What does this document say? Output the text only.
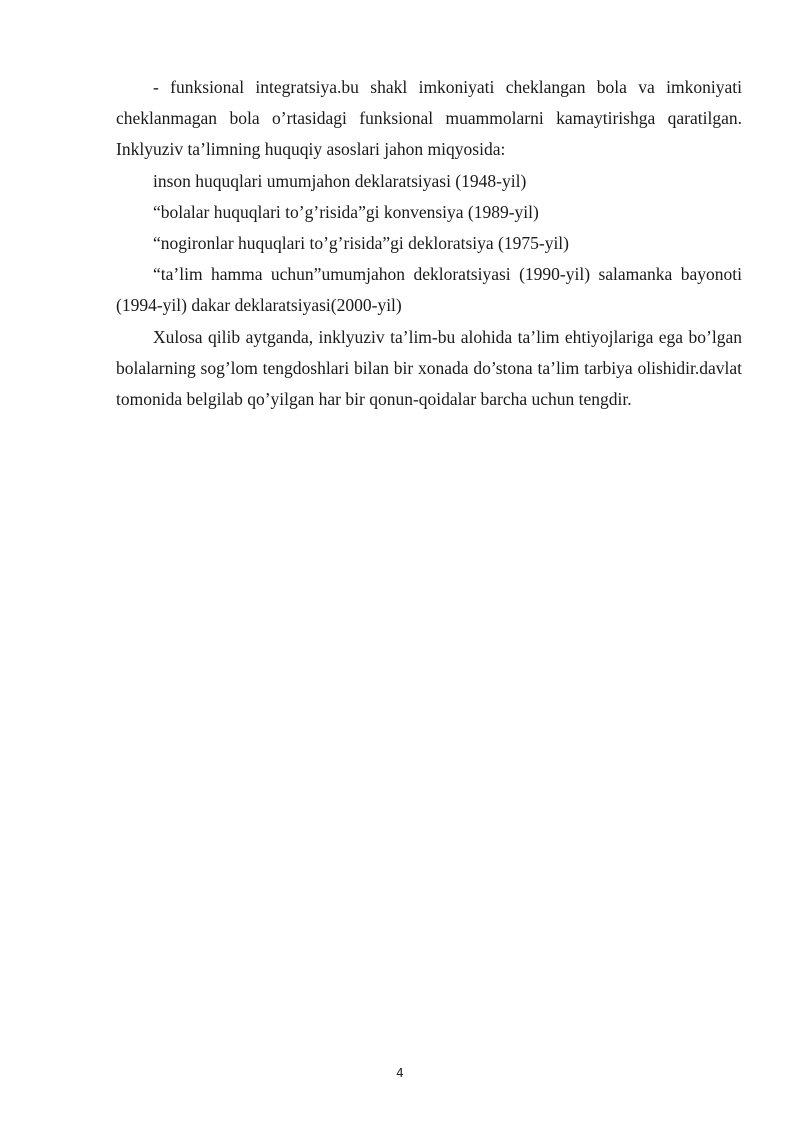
- funksional integratsiya.bu shakl imkoniyati cheklangan bola va imkoniyati cheklanmagan bola o’rtasidagi funksional muammolarni kamaytirishga qaratilgan. Inklyuziv ta’limning huquqiy asoslari jahon miqyosida:

inson huquqlari umumjahon deklaratsiyasi (1948-yil)

“bolalar huquqlari to’g’risida”gi konvensiya (1989-yil)

“nogironlar huquqlari to’g’risida”gi dekloratsiya (1975-yil)

“ta’lim hamma uchun”umumjahon dekloratsiyasi (1990-yil) salamanka bayonoti (1994-yil) dakar deklaratsiyasi(2000-yil)

Xulosa qilib aytganda, inklyuziv ta’lim-bu alohida ta’lim ehtiyojlariga ega bo’lgan bolalarning sog’lom tengdoshlari bilan bir xonada do’stona ta’lim tarbiya olishidir.davlat tomonida belgilab qo’yilgan har bir qonun-qoidalar barcha uchun tengdir.

4
